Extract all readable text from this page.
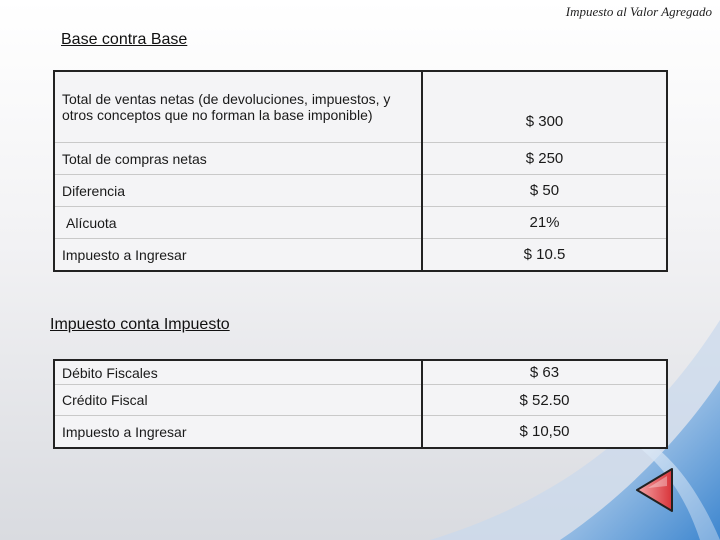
Impuesto al Valor Agregado
Base contra Base
Total de ventas netas (de devoluciones, impuestos, y otros conceptos que no forman la base imponible)	$ 300
Total de compras netas	$ 250
Diferencia	$ 50
Alícuota	21%
Impuesto a Ingresar	$ 10.5
Impuesto conta Impuesto
Débito Fiscales	$ 63
Crédito Fiscal	$ 52.50
Impuesto a Ingresar	$ 10,50
